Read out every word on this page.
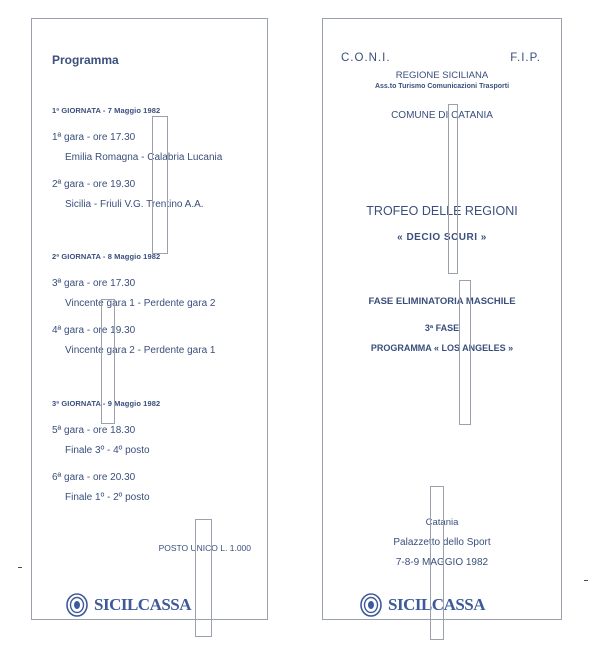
Programma
1ª GIORNATA - 7 Maggio 1982
1ª gara - ore 17.30
Emilia Romagna - Calabria Lucania
2ª gara - ore 19.30
Sicilia - Friuli V.G. Trentino A.A.
2ª GIORNATA - 8 Maggio 1982
3ª gara - ore 17.30
Vincente gara 1 - Perdente gara 2
4ª gara - ore 19.30
Vincente gara 2 - Perdente gara 1
3ª GIORNATA - 9 Maggio 1982
5ª gara - ore 18.30
Finale 3º - 4º posto
6ª gara - ore 20.30
Finale 1º - 2º posto
POSTO UNICO L. 1.000
SICILCASSA
C.O.N.I.	F.I.P.
REGIONE SICILIANA
Ass.to Turismo Comunicazioni Trasporti
COMUNE DI CATANIA
TROFEO DELLE REGIONI
« DECIO SCURI »
FASE ELIMINATORIA MASCHILE
3ª FASE
PROGRAMMA « LOS ANGELES »
Catania
Palazzetto dello Sport
7-8-9 MAGGIO 1982
SICILCASSA
